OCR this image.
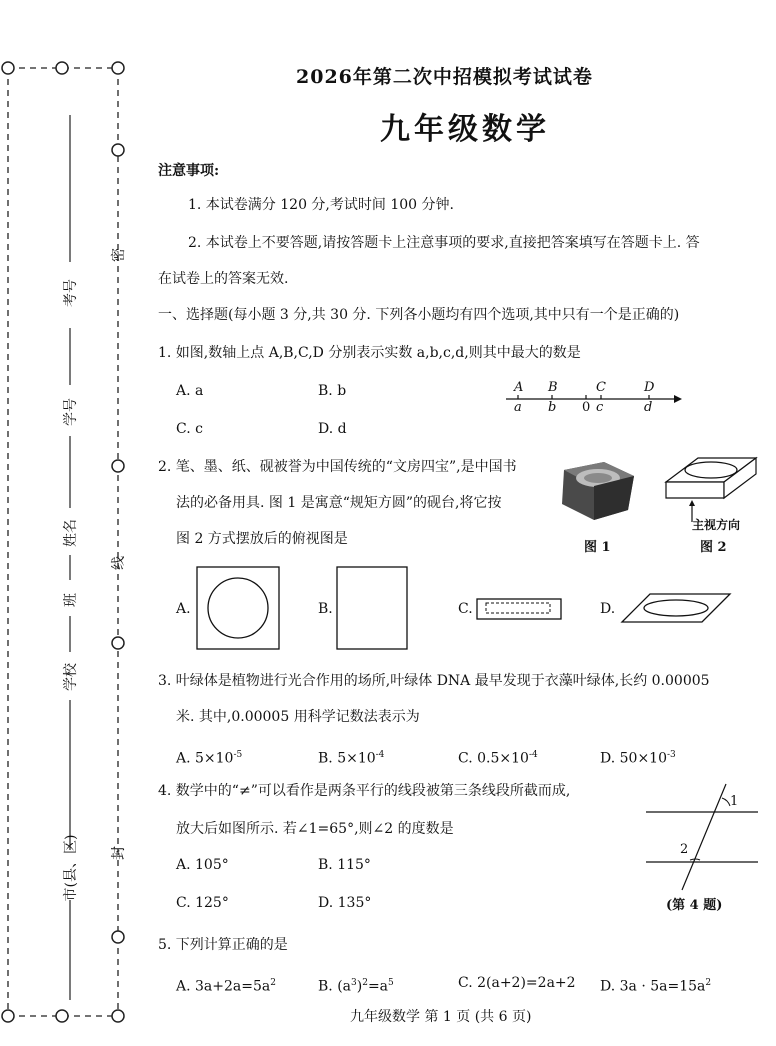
考号
学号
姓名
班
学校
市(县、区)
密
封
线
2026年第二次中招模拟考试试卷
九年级数学
注意事项:
1. 本试卷满分 120 分,考试时间 100 分钟.
2. 本试卷上不要答题,请按答题卡上注意事项的要求,直接把答案填写在答题卡上. 答
在试卷上的答案无效.
一、选择题(每小题 3 分,共 30 分. 下列各小题均有四个选项,其中只有一个是正确的)
1. 如图,数轴上点 A,B,C,D 分别表示实数 a,b,c,d,则其中最大的数是
A. a	B. b
C. c	D. d
A B	C	D
a b 0 c	d
2. 笔、墨、纸、砚被誉为中国传统的“文房四宝”,是中国书
法的必备用具. 图 1 是寓意“规矩方圆”的砚台,将它按
图 2 方式摆放后的俯视图是
图 1
主视方向
图 2
A.	B.	C.	D.
3. 叶绿体是植物进行光合作用的场所,叶绿体 DNA 最早发现于衣藻叶绿体,长约 0.00005
米. 其中,0.00005 用科学记数法表示为
A. $5\times 10^{-5}$	B. $5\times 10^{-4}$	C. $0.5\times 10^{-4}$	D. $50\times 10^{-3}$
4. 数学中的“≠”可以看作是两条平行的线段被第三条线段所截而成,
放大后如图所示. 若∠1=65°,则∠2 的度数是
A. 105°	B. 115°
C. 125°	D. 135°
1
2
(第 4 题)
5. 下列计算正确的是
A. $3a+2a=5a^2$	B. $(a^3)^2=a^5$	C. 2(a+2)=2a+2 D. $3a \cdot 5a=15a^2$
九年级数学 第 1 页 (共 6 页)
